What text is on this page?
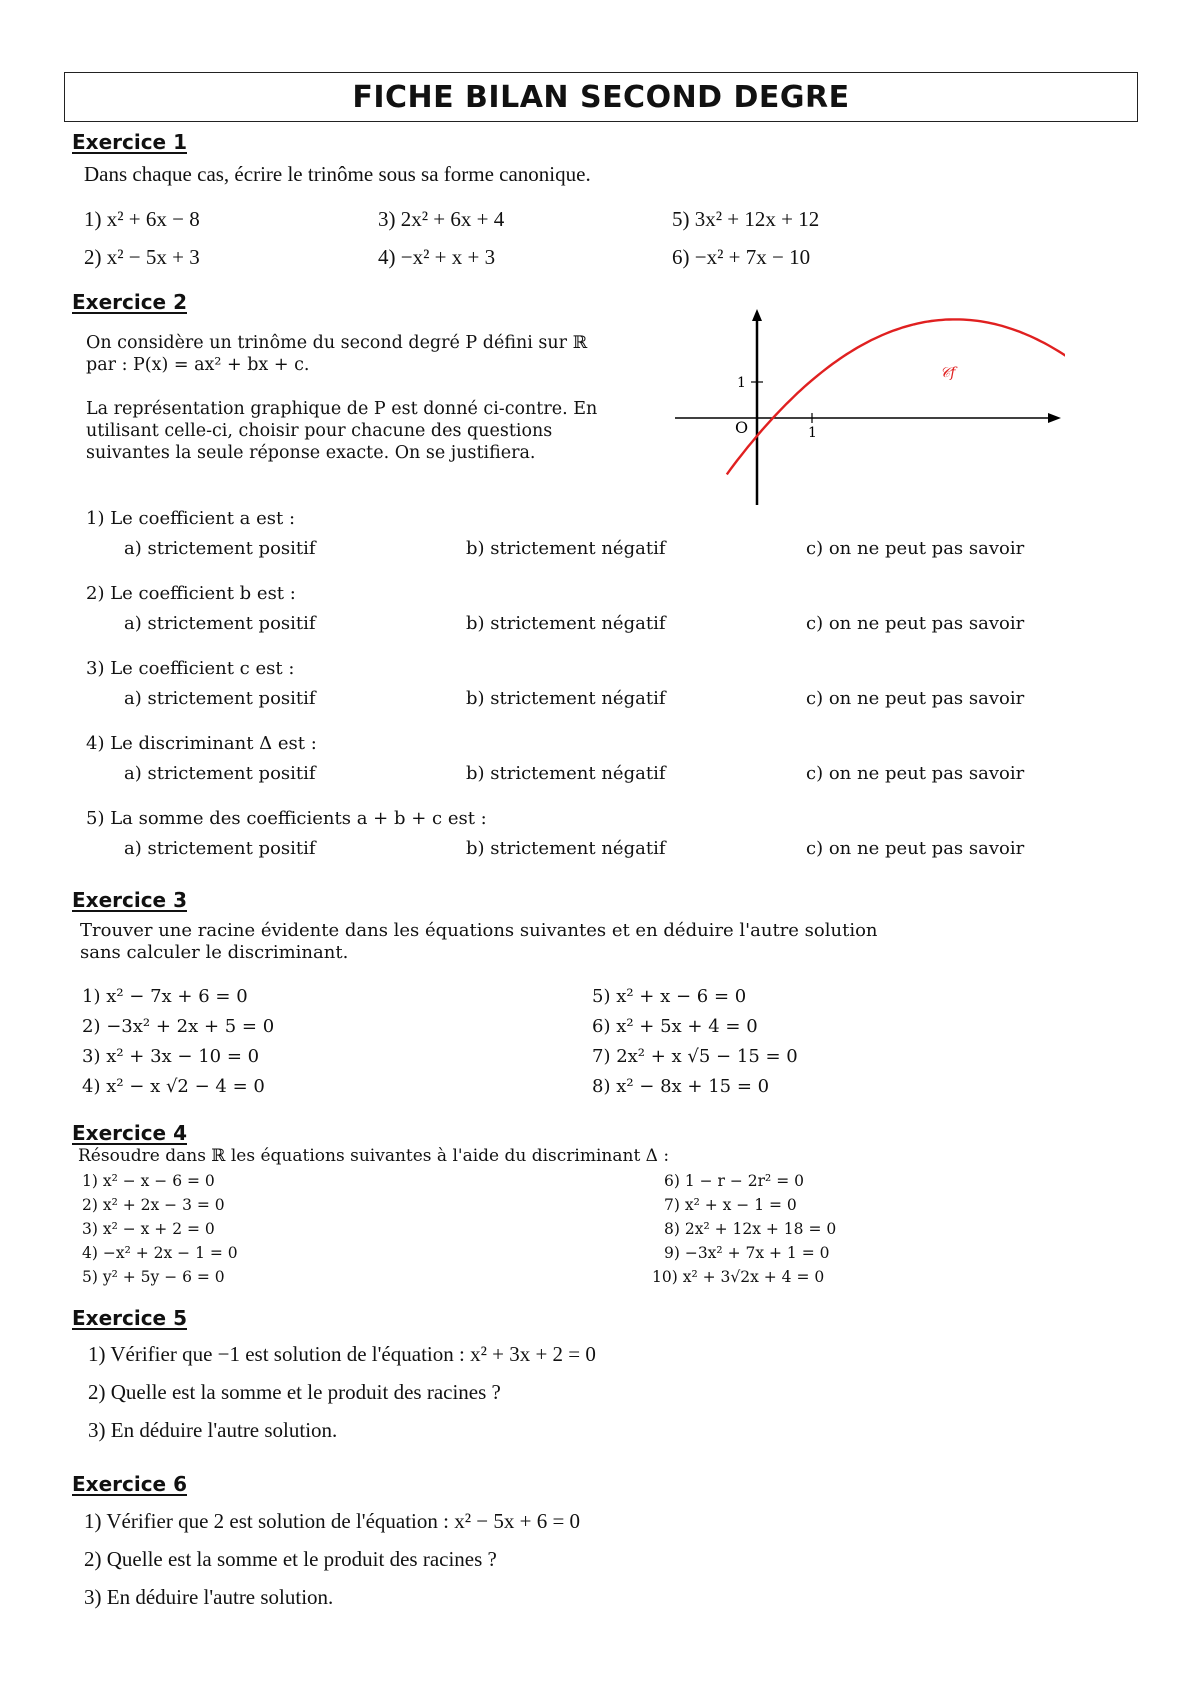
FICHE BILAN SECOND DEGRE
Exercice 1
Dans chaque cas, écrire le trinôme sous sa forme canonique.
1) x² + 6x − 8	3) 2x² + 6x + 4	5) 3x² + 12x + 12
2) x² − 5x + 3	4) −x² + x + 3	6) −x² + 7x − 10
Exercice 2
On considère un trinôme du second degré P défini sur ℝ par : P(x) = ax² + bx + c.
La représentation graphique de P est donné ci-contre. En utilisant celle-ci, choisir pour chacune des questions suivantes la seule réponse exacte. On se justifiera.
O	1
1
𝒞f
1) Le coefficient a est :
a) strictement positif	b) strictement négatif	c) on ne peut pas savoir
2) Le coefficient b est :
a) strictement positif	b) strictement négatif	c) on ne peut pas savoir
3) Le coefficient c est :
a) strictement positif	b) strictement négatif	c) on ne peut pas savoir
4) Le discriminant Δ est :
a) strictement positif	b) strictement négatif	c) on ne peut pas savoir
5) La somme des coefficients a + b + c est :
a) strictement positif	b) strictement négatif	c) on ne peut pas savoir
Exercice 3
Trouver une racine évidente dans les équations suivantes et en déduire l'autre solution
sans calculer le discriminant.
1) x² − 7x + 6 = 0
2) −3x² + 2x + 5 = 0
3) x² + 3x − 10 = 0
4) x² − x √2 − 4 = 0
5) x² + x − 6 = 0
6) x² + 5x + 4 = 0
7) 2x² + x √5 − 15 = 0
8) x² − 8x + 15 = 0
Exercice 4
Résoudre dans ℝ les équations suivantes à l'aide du discriminant Δ :
1) x² − x − 6 = 0
2) x² + 2x − 3 = 0
3) x² − x + 2 = 0
4) −x² + 2x − 1 = 0
5) y² + 5y − 6 = 0
6) 1 − r − 2r² = 0
7) x² + x − 1 = 0
8) 2x² + 12x + 18 = 0
9) −3x² + 7x + 1 = 0
10) x² + 3√2x + 4 = 0
Exercice 5
1) Vérifier que −1 est solution de l'équation : x² + 3x + 2 = 0
2) Quelle est la somme et le produit des racines ?
3) En déduire l'autre solution.
Exercice 6
1) Vérifier que 2 est solution de l'équation : x² − 5x + 6 = 0
2) Quelle est la somme et le produit des racines ?
3) En déduire l'autre solution.
